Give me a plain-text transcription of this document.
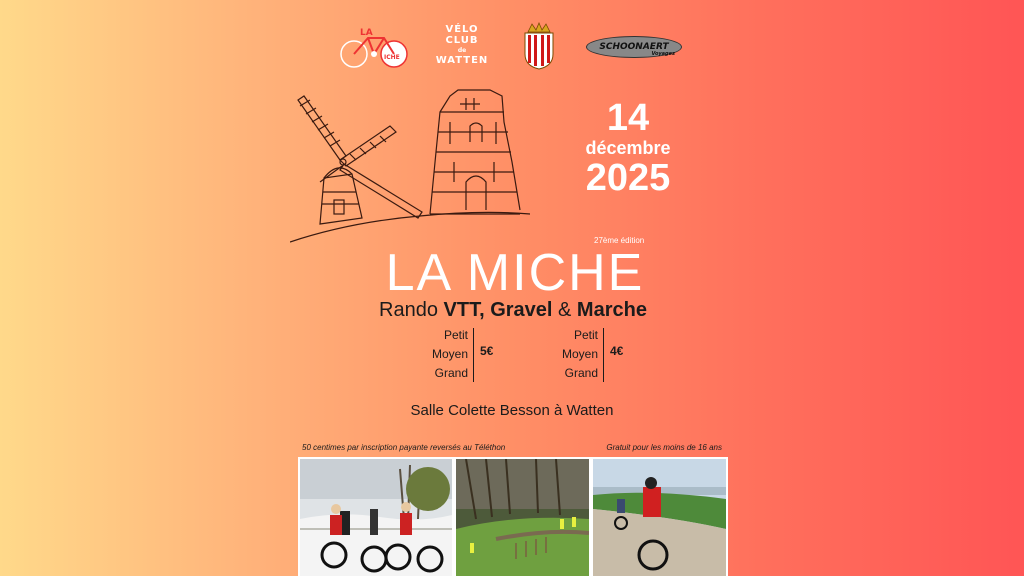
LA
ICHE
VÉLO CLUB
de
WATTEN
SCHOONAERT
Voyages
14
décembre
2025
27ème édition
LA MICHE
Rando VTT, Gravel & Marche
Petit
Moyen
Grand
5€
Petit
Moyen
Grand
4€
Salle Colette Besson à Watten
50 centimes par inscription payante reversés au Téléthon	Gratuit pour les moins de 16 ans
